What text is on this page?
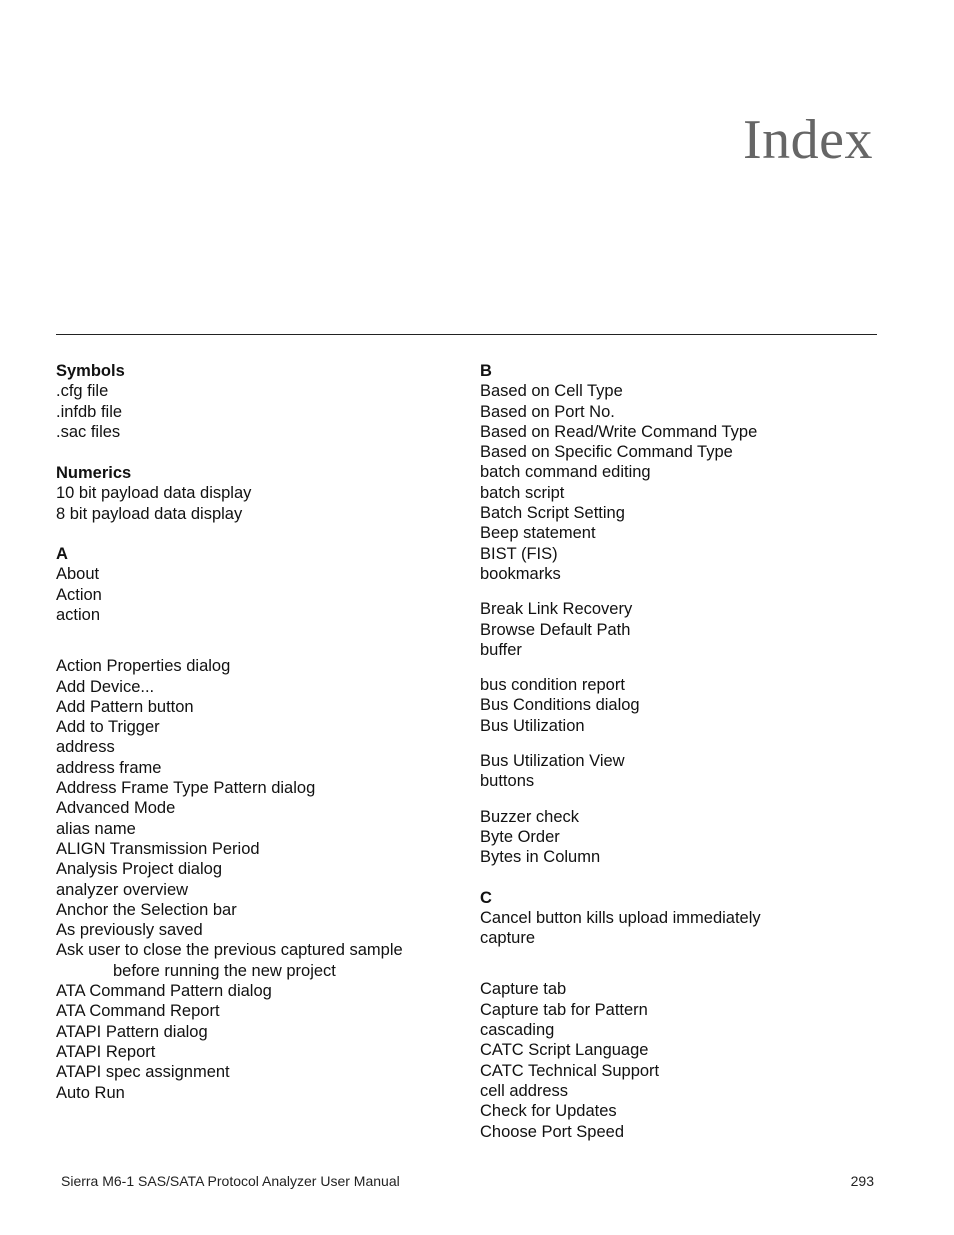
Index
Symbols
.cfg file
.infdb file
.sac files
Numerics
10 bit payload data display
8 bit payload data display
A
About
Action
action
Action Properties dialog
Add Device...
Add Pattern button
Add to Trigger
address
address frame
Address Frame Type Pattern dialog
Advanced Mode
alias name
ALIGN Transmission Period
Analysis Project dialog
analyzer overview
Anchor the Selection bar
As previously saved
Ask user to close the previous captured sample
before running the new project
ATA Command Pattern dialog
ATA Command Report
ATAPI Pattern dialog
ATAPI Report
ATAPI spec assignment
Auto Run
B
Based on Cell Type
Based on Port No.
Based on Read/Write Command Type
Based on Specific Command Type
batch command editing
batch script
Batch Script Setting
Beep statement
BIST (FIS)
bookmarks
Break Link Recovery
Browse Default Path
buffer
bus condition report
Bus Conditions dialog
Bus Utilization
Bus Utilization View
buttons
Buzzer check
Byte Order
Bytes in Column
C
Cancel button kills upload immediately
capture
Capture tab
Capture tab for Pattern
cascading
CATC Script Language
CATC Technical Support
cell address
Check for Updates
Choose Port Speed
Sierra M6-1 SAS/SATA Protocol Analyzer User Manual	293
